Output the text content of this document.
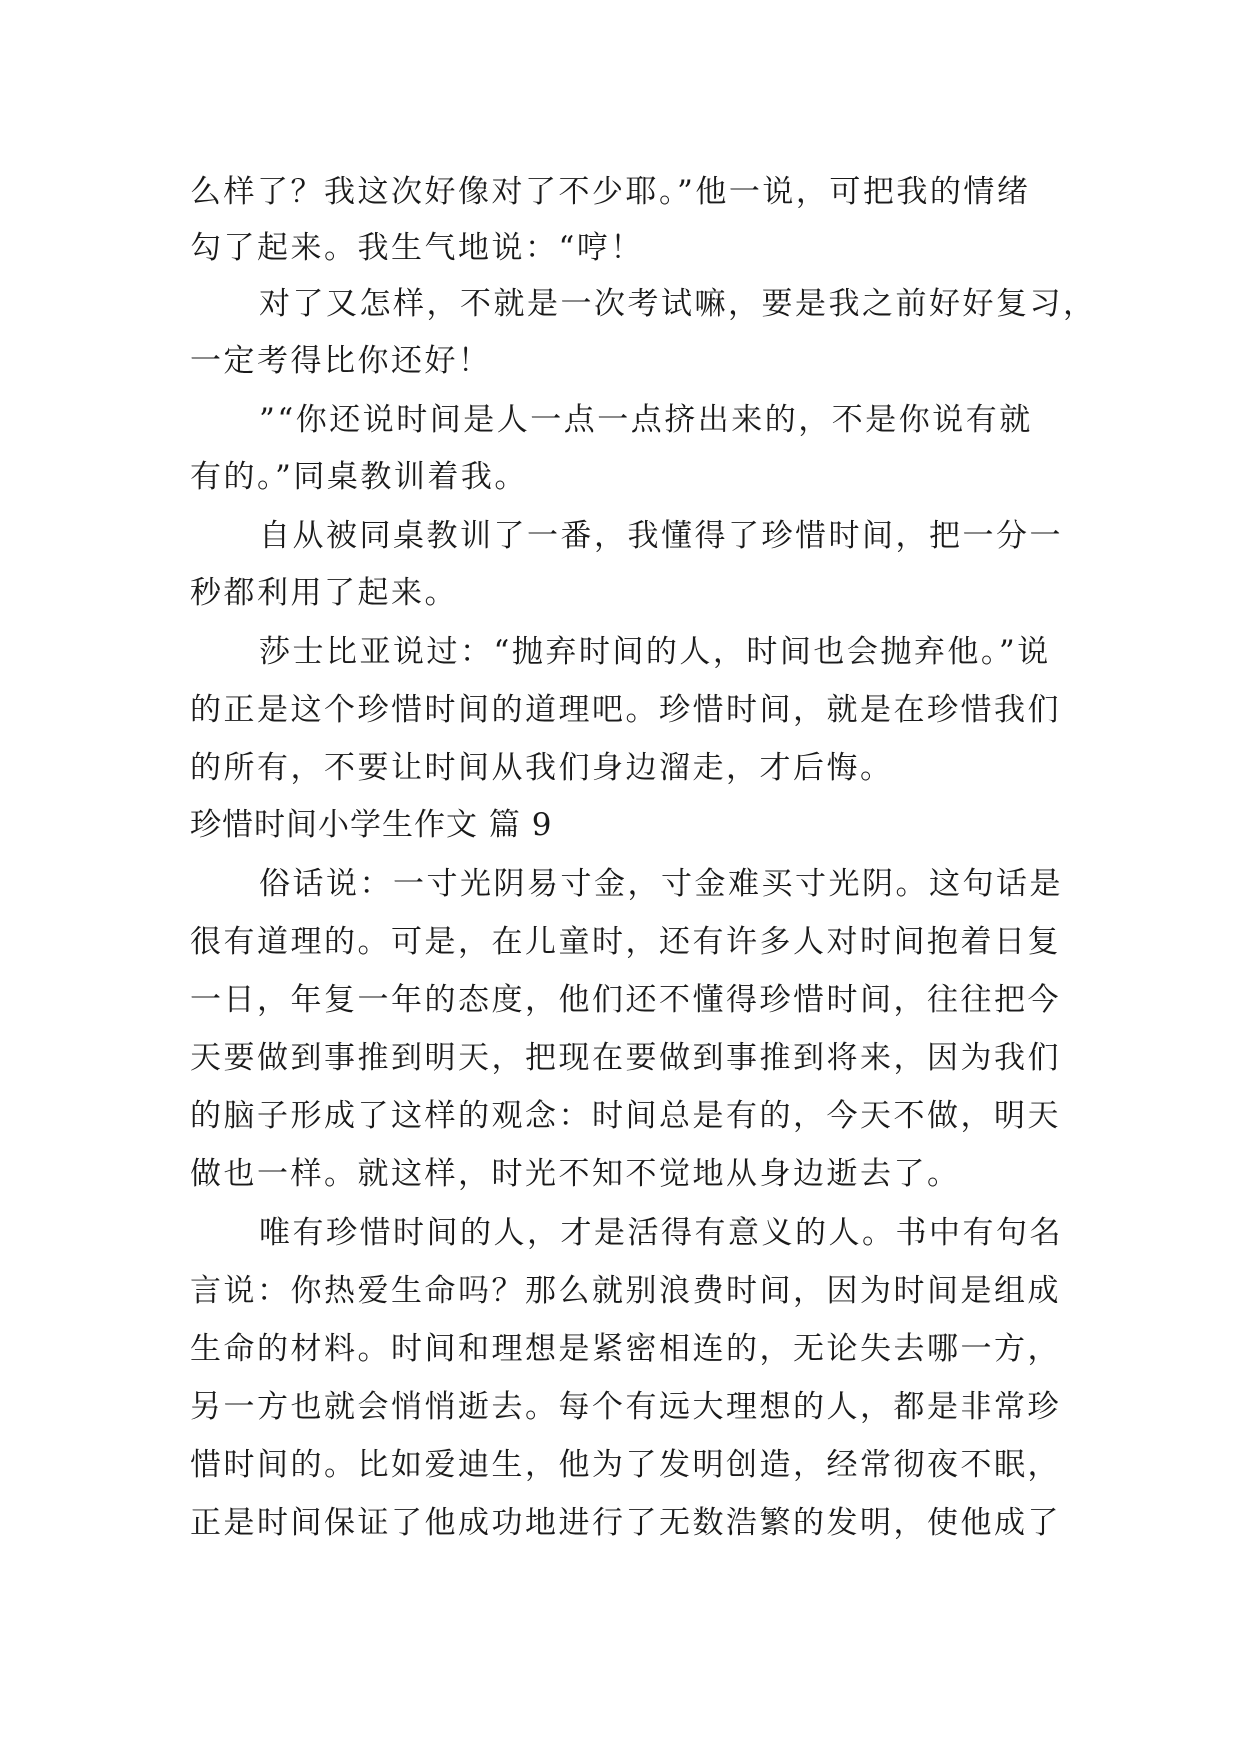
么样了？我这次好像对了不少耶。”他一说，可把我的情绪
勾了起来。我生气地说：“哼！
对了又怎样，不就是一次考试嘛，要是我之前好好复习，
一定考得比你还好！
”“你还说时间是人一点一点挤出来的，不是你说有就
有的。”同桌教训着我。
自从被同桌教训了一番，我懂得了珍惜时间，把一分一
秒都利用了起来。
莎士比亚说过：“抛弃时间的人，时间也会抛弃他。”说
的正是这个珍惜时间的道理吧。珍惜时间，就是在珍惜我们
的所有，不要让时间从我们身边溜走，才后悔。
珍惜时间小学生作文 篇 9
俗话说：一寸光阴易寸金，寸金难买寸光阴。这句话是
很有道理的。可是，在儿童时，还有许多人对时间抱着日复
一日，年复一年的态度，他们还不懂得珍惜时间，往往把今
天要做到事推到明天，把现在要做到事推到将来，因为我们
的脑子形成了这样的观念：时间总是有的，今天不做，明天
做也一样。就这样，时光不知不觉地从身边逝去了。
唯有珍惜时间的人，才是活得有意义的人。书中有句名
言说：你热爱生命吗？那么就别浪费时间，因为时间是组成
生命的材料。时间和理想是紧密相连的，无论失去哪一方，
另一方也就会悄悄逝去。每个有远大理想的人，都是非常珍
惜时间的。比如爱迪生，他为了发明创造，经常彻夜不眠，
正是时间保证了他成功地进行了无数浩繁的发明，使他成了
